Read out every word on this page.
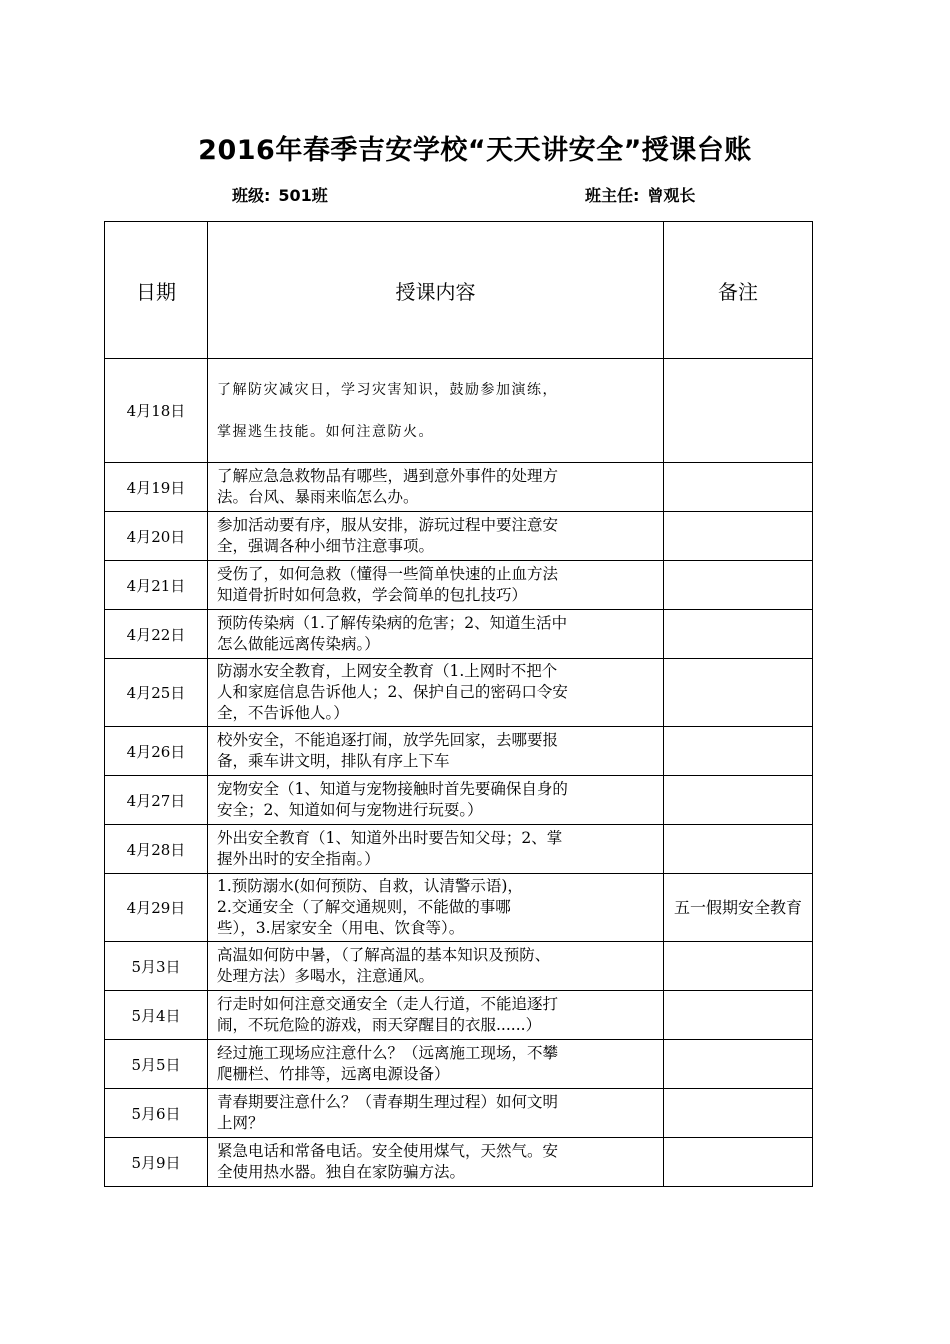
2016年春季吉安学校“天天讲安全”授课台账
班级: 501班	班主任: 曾观长
日期	授课内容	备注
4月18日	了解防灾减灾日，学习灾害知识，鼓励参加演练，
掌握逃生技能。如何注意防火。	

4月19日	了解应急急救物品有哪些，遇到意外事件的处理方
法。台风、暴雨来临怎么办。	

4月20日	参加活动要有序，服从安排，游玩过程中要注意安
全，强调各种小细节注意事项。	

4月21日	受伤了，如何急救（懂得一些简单快速的止血方法
知道骨折时如何急救，学会简单的包扎技巧）	

4月22日	预防传染病（1.了解传染病的危害；2、知道生活中
怎么做能远离传染病。）	

4月25日	防溺水安全教育，上网安全教育（1.上网时不把个
人和家庭信息告诉他人；2、保护自己的密码口令安
全，不告诉他人。）	

4月26日	校外安全，不能追逐打闹，放学先回家，去哪要报
备，乘车讲文明，排队有序上下车	

4月27日	宠物安全（1、知道与宠物接触时首先要确保自身的
安全；2、知道如何与宠物进行玩耍。）	

4月28日	外出安全教育（1、知道外出时要告知父母；2、掌
握外出时的安全指南。）	

4月29日	1.预防溺水(如何预防、自救，认清警示语)，
2.交通安全（了解交通规则，不能做的事哪
些），3.居家安全（用电、饮食等）。	五一假期安全教育
5月3日	高温如何防中暑，（了解高温的基本知识及预防、
处理方法）多喝水，注意通风。	

5月4日	行走时如何注意交通安全（走人行道，不能追逐打
闹，不玩危险的游戏，雨天穿醒目的衣服......）	

5月5日	经过施工现场应注意什么？（远离施工现场，不攀
爬栅栏、竹排等，远离电源设备）	

5月6日	青春期要注意什么？（青春期生理过程）如何文明
上网？	

5月9日	紧急电话和常备电话。安全使用煤气，天然气。安
全使用热水器。独自在家防骗方法。	
